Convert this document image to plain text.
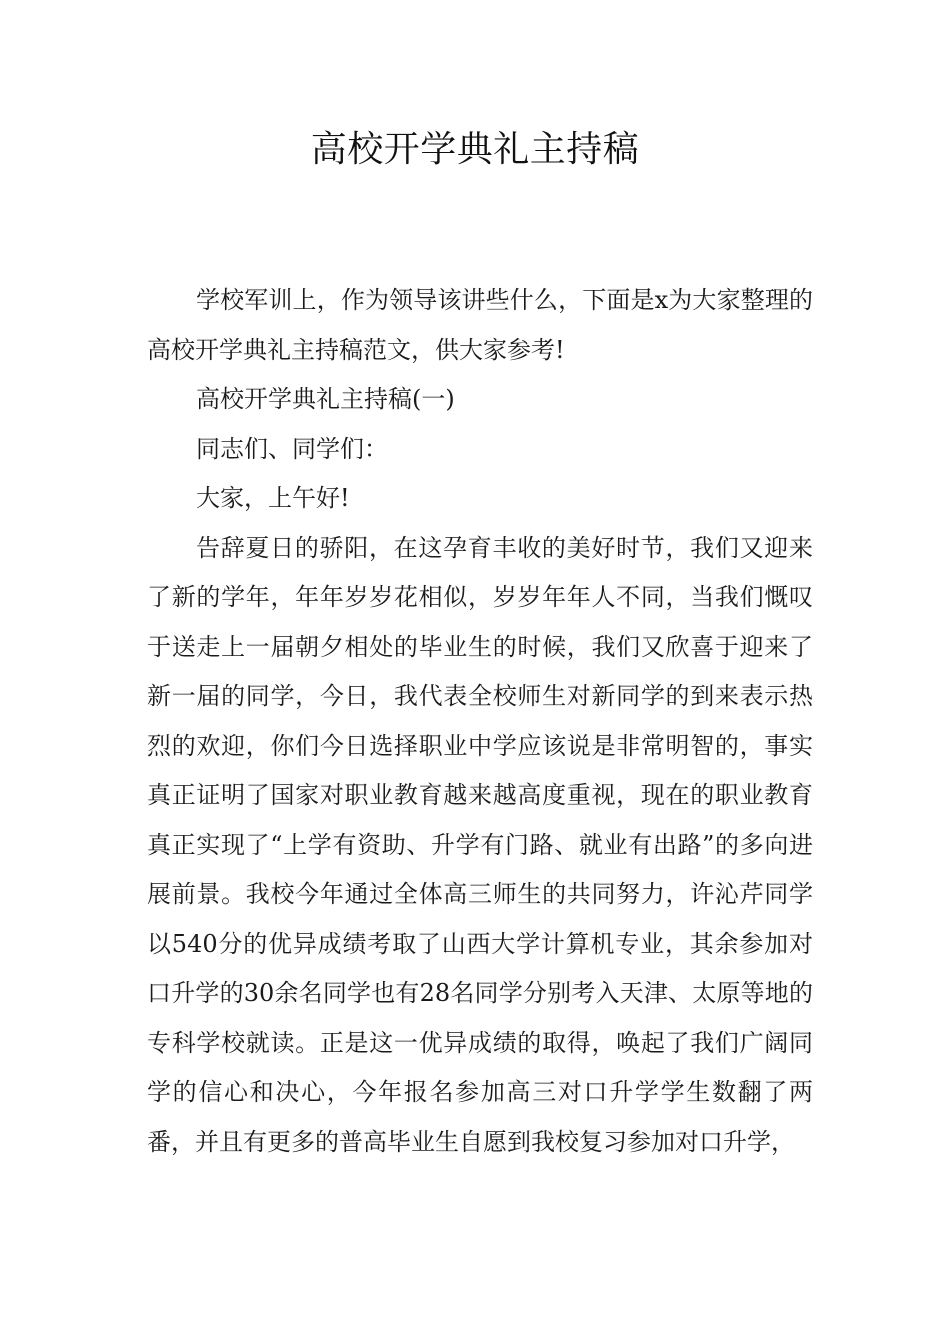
高校开学典礼主持稿

学校军训上，作为领导该讲些什么，下面是x为大家整理的高校开学典礼主持稿范文，供大家参考!

高校开学典礼主持稿(一)

同志们、同学们：

大家，上午好!

告辞夏日的骄阳，在这孕育丰收的美好时节，我们又迎来了新的学年，年年岁岁花相似，岁岁年年人不同，当我们慨叹于送走上一届朝夕相处的毕业生的时候，我们又欣喜于迎来了新一届的同学，今日，我代表全校师生对新同学的到来表示热烈的欢迎，你们今日选择职业中学应该说是非常明智的，事实真正证明了国家对职业教育越来越高度重视，现在的职业教育真正实现了“上学有资助、升学有门路、就业有出路”的多向进展前景。我校今年通过全体高三师生的共同努力，许沁芹同学以540分的优异成绩考取了山西大学计算机专业，其余参加对口升学的30余名同学也有28名同学分别考入天津、太原等地的专科学校就读。正是这一优异成绩的取得，唤起了我们广阔同学的信心和决心，今年报名参加高三对口升学学生数翻了两番，并且有更多的普高毕业生自愿到我校复习参加对口升学，
